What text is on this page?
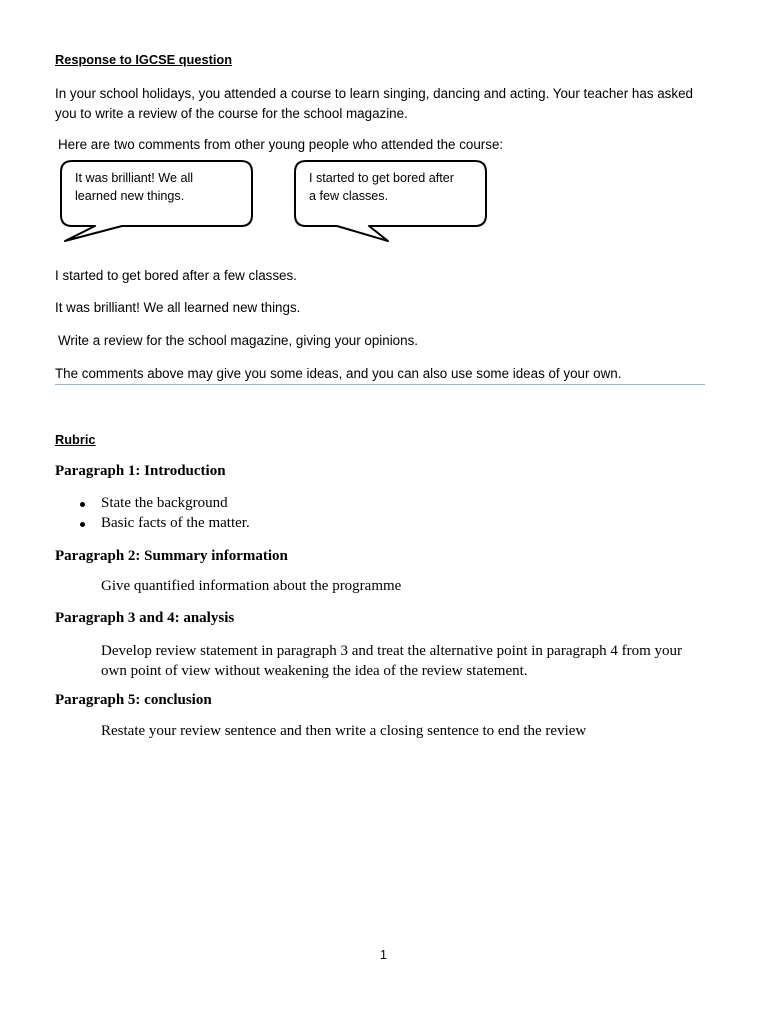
Response to IGCSE question

In your school holidays, you attended a course to learn singing, dancing and acting. Your teacher has asked you to write a review of the course for the school magazine.

Here are two comments from other young people who attended the course:

It was brilliant! We all
learned new things.
I started to get bored after
a few classes.

I started to get bored after a few classes.

It was brilliant! We all learned new things.

Write a review for the school magazine, giving your opinions.

The comments above may give you some ideas, and you can also use some ideas of your own.

Rubric

Paragraph 1: Introduction

State the background

Basic facts of the matter.

Paragraph 2: Summary information

Give quantified information about the programme

Paragraph 3 and 4: analysis

Develop review statement in paragraph 3 and treat the alternative point in paragraph 4 from your own point of view without weakening the idea of the review statement.

Paragraph 5: conclusion

Restate your review sentence and then write a closing sentence to end the review

1
